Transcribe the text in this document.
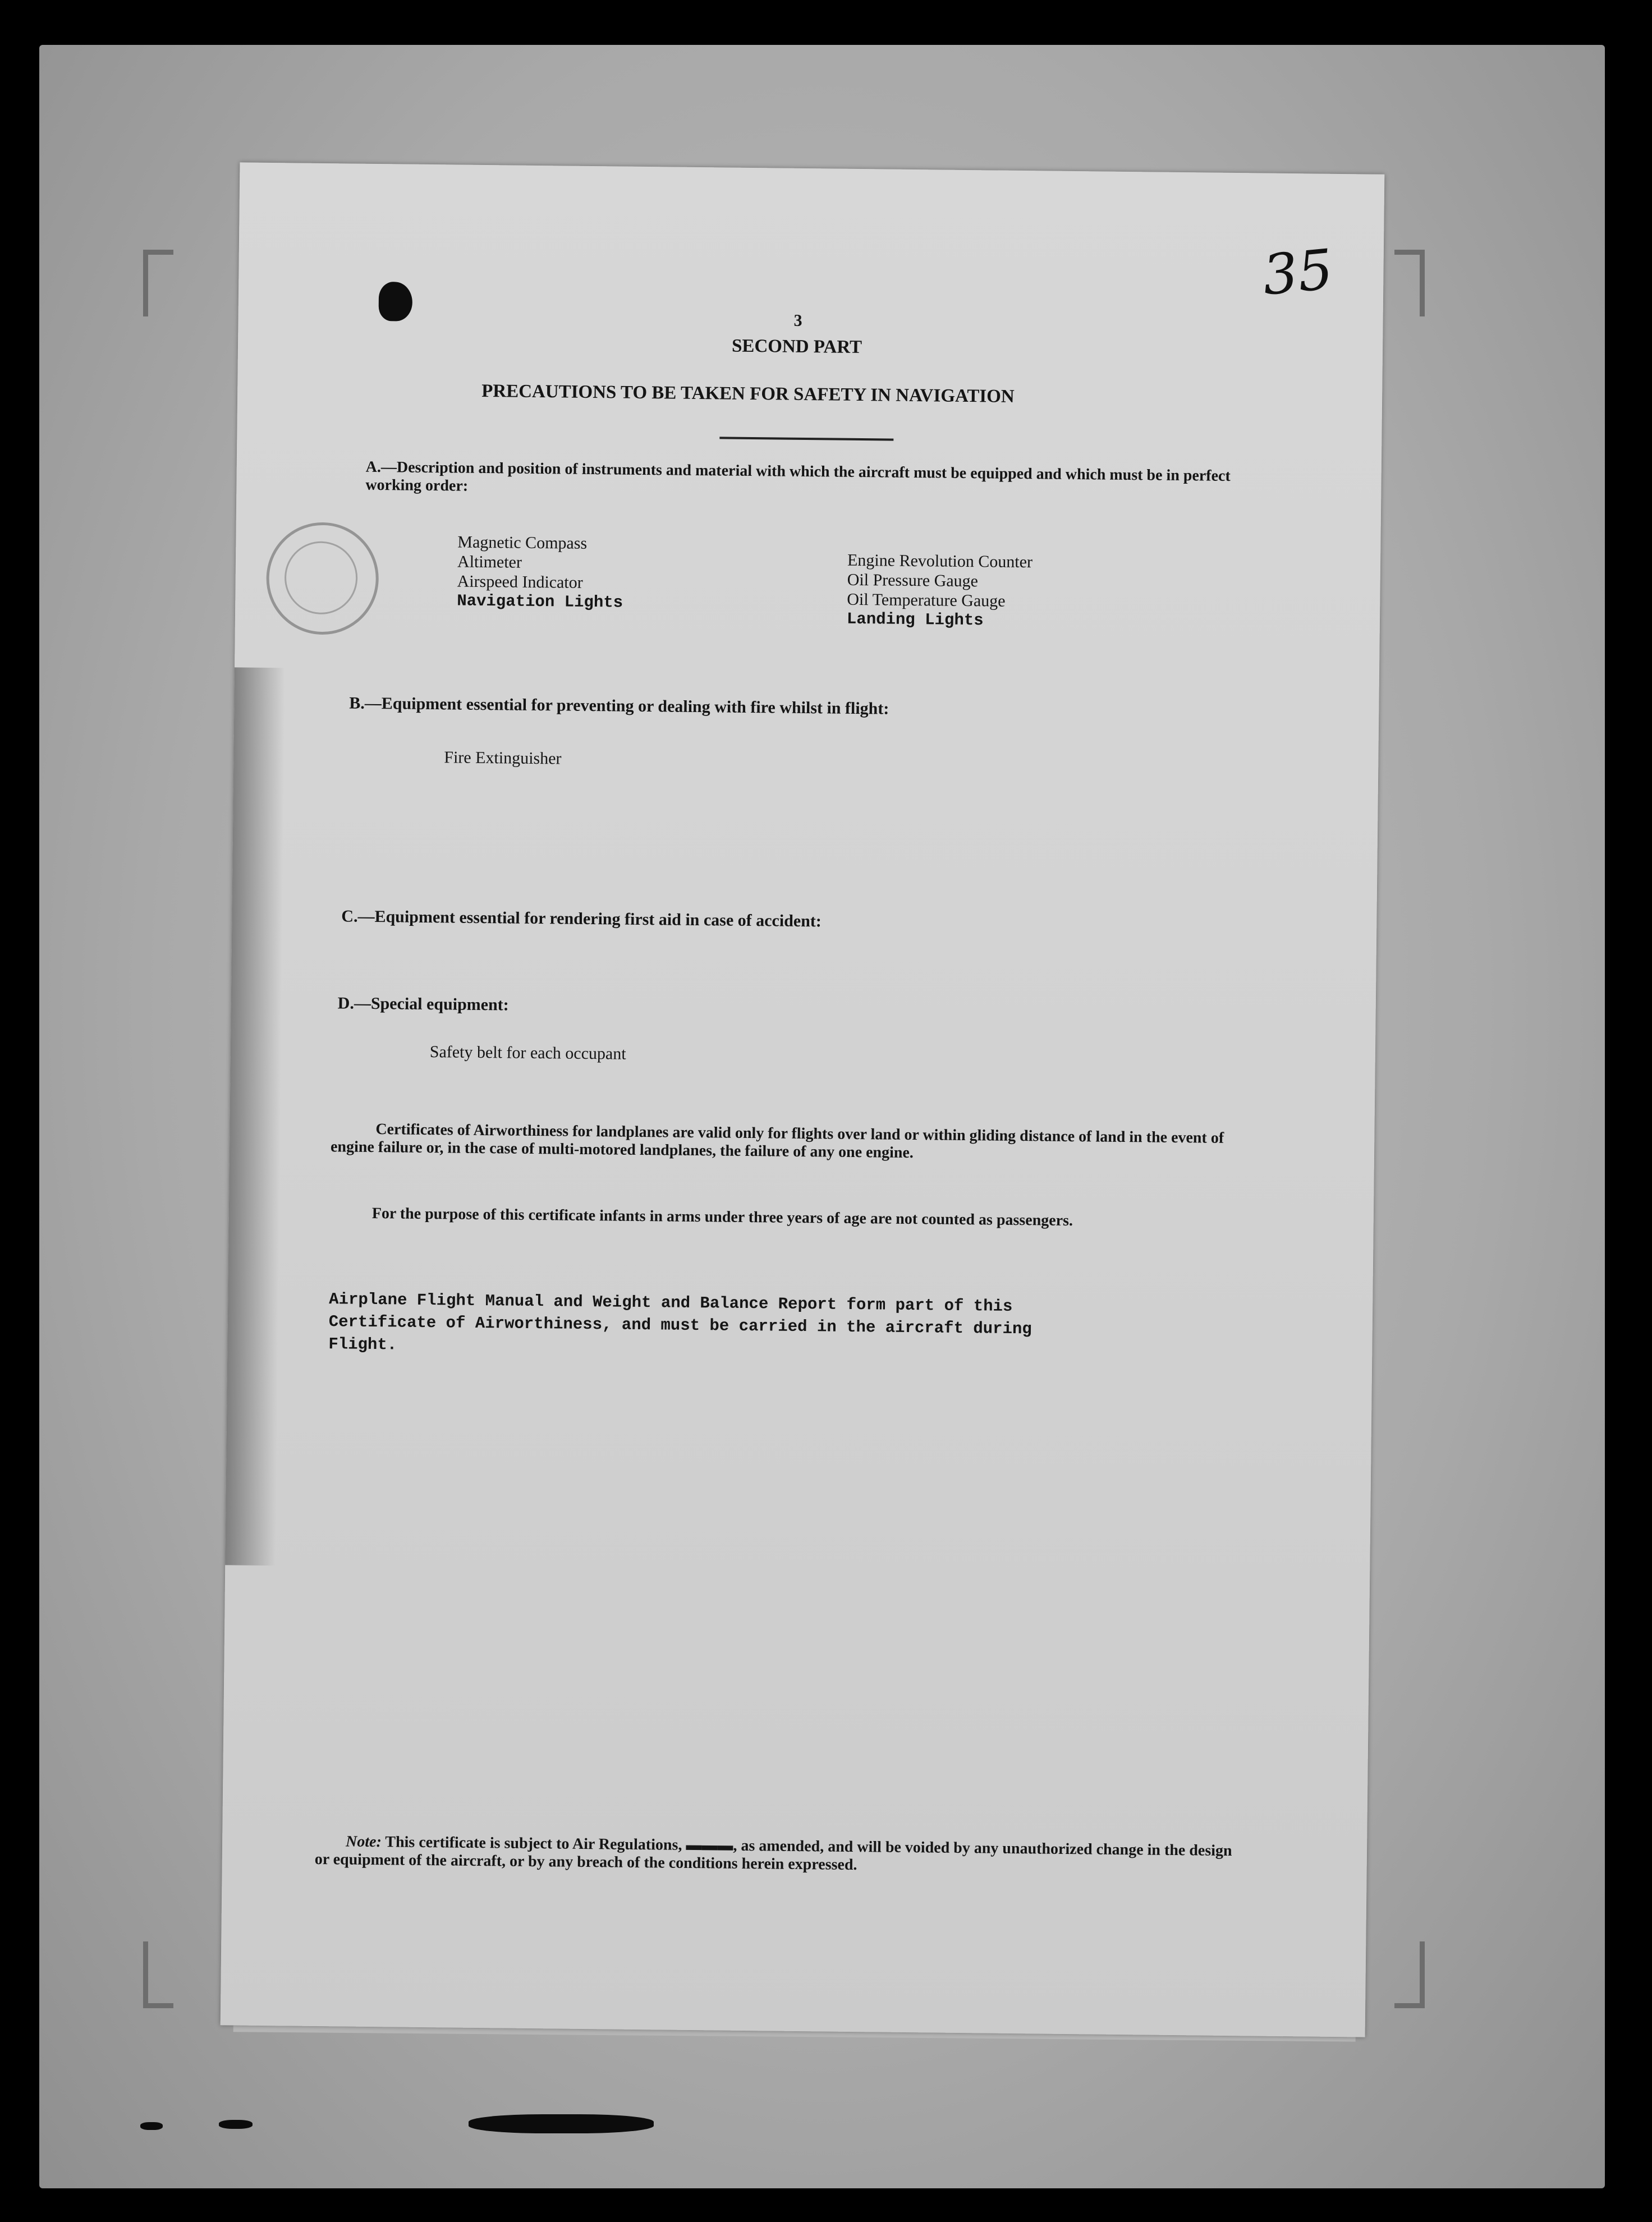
35
3
SECOND PART
PRECAUTIONS TO BE TAKEN FOR SAFETY IN NAVIGATION
A.—Description and position of instruments and material with which the aircraft must be equipped and which must be in perfect working order:
Magnetic Compass
Altimeter
Airspeed Indicator
Navigation Lights
Engine Revolution Counter
Oil Pressure Gauge
Oil Temperature Gauge
Landing Lights
B.—Equipment essential for preventing or dealing with fire whilst in flight:
Fire Extinguisher
C.—Equipment essential for rendering first aid in case of accident:
D.—Special equipment:
Safety belt for each occupant
Certificates of Airworthiness for landplanes are valid only for flights over land or within gliding distance of land in the event of engine failure or, in the case of multi-motored landplanes, the failure of any one engine.
For the purpose of this certificate infants in arms under three years of age are not counted as passengers.
Airplane Flight Manual and Weight and Balance Report form part of this
Certificate of Airworthiness, and must be carried in the aircraft during
Flight.
Note: This certificate is subject to Air Regulations, ▬▬▬, as amended, and will be voided by any unauthorized change in the design or equipment of the aircraft, or by any breach of the conditions herein expressed.
